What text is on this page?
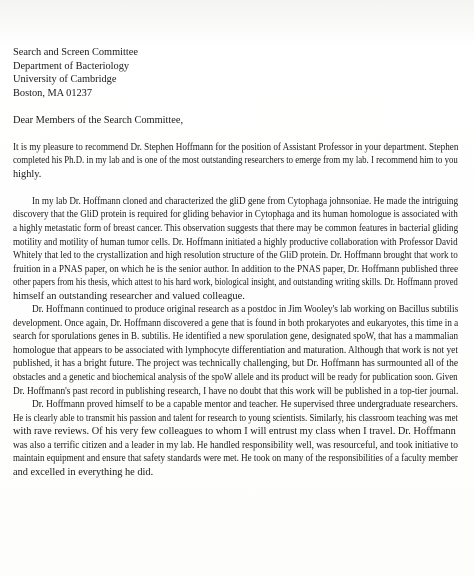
Search and Screen Committee
Department of Bacteriology
University of Cambridge
Boston, MA 01237
Dear Members of the Search Committee,
It is my pleasure to recommend Dr. Stephen Hoffmann for the position of Assistant Professor in your department. Stephen
completed his Ph.D. in my lab and is one of the most outstanding researchers to emerge from my lab. I recommend him to you
highly.
In my lab Dr. Hoffmann cloned and characterized the gliD gene from Cytophaga johnsoniae. He made the intriguing
discovery that the GliD protein is required for gliding behavior in Cytophaga and its human homologue is associated with
a highly metastatic form of breast cancer. This observation suggests that there may be common features in bacterial gliding
motility and motility of human tumor cells. Dr. Hoffmann initiated a highly productive collaboration with Professor David
Whitely that led to the crystallization and high resolution structure of the GliD protein. Dr. Hoffmann brought that work to
fruition in a PNAS paper, on which he is the senior author. In addition to the PNAS paper, Dr. Hoffmann published three
other papers from his thesis, which attest to his hard work, biological insight, and outstanding writing skills. Dr. Hoffmann proved
himself an outstanding researcher and valued colleague.
Dr. Hoffmann continued to produce original research as a postdoc in Jim Wooley's lab working on Bacillus subtilis
development. Once again, Dr. Hoffmann discovered a gene that is found in both prokaryotes and eukaryotes, this time in a
search for sporulations genes in B. subtilis. He identified a new sporulation gene, designated spoW, that has a mammalian
homologue that appears to be associated with lymphocyte differentiation and maturation. Although that work is not yet
published, it has a bright future. The project was technically challenging, but Dr. Hoffmann has surmounted all of the
obstacles and a genetic and biochemical analysis of the spoW allele and its product will be ready for publication soon. Given
Dr. Hoffmann's past record in publishing research, I have no doubt that this work will be published in a top-tier journal.
Dr. Hoffmann proved himself to be a capable mentor and teacher. He supervised three undergraduate researchers.
He is clearly able to transmit his passion and talent for research to young scientists. Similarly, his classroom teaching was met
with rave reviews. Of his very few colleagues to whom I will entrust my class when I travel. Dr. Hoffmann
was also a terrific citizen and a leader in my lab. He handled responsibility well, was resourceful, and took initiative to
maintain equipment and ensure that safety standards were met. He took on many of the responsibilities of a faculty member
and excelled in everything he did.
